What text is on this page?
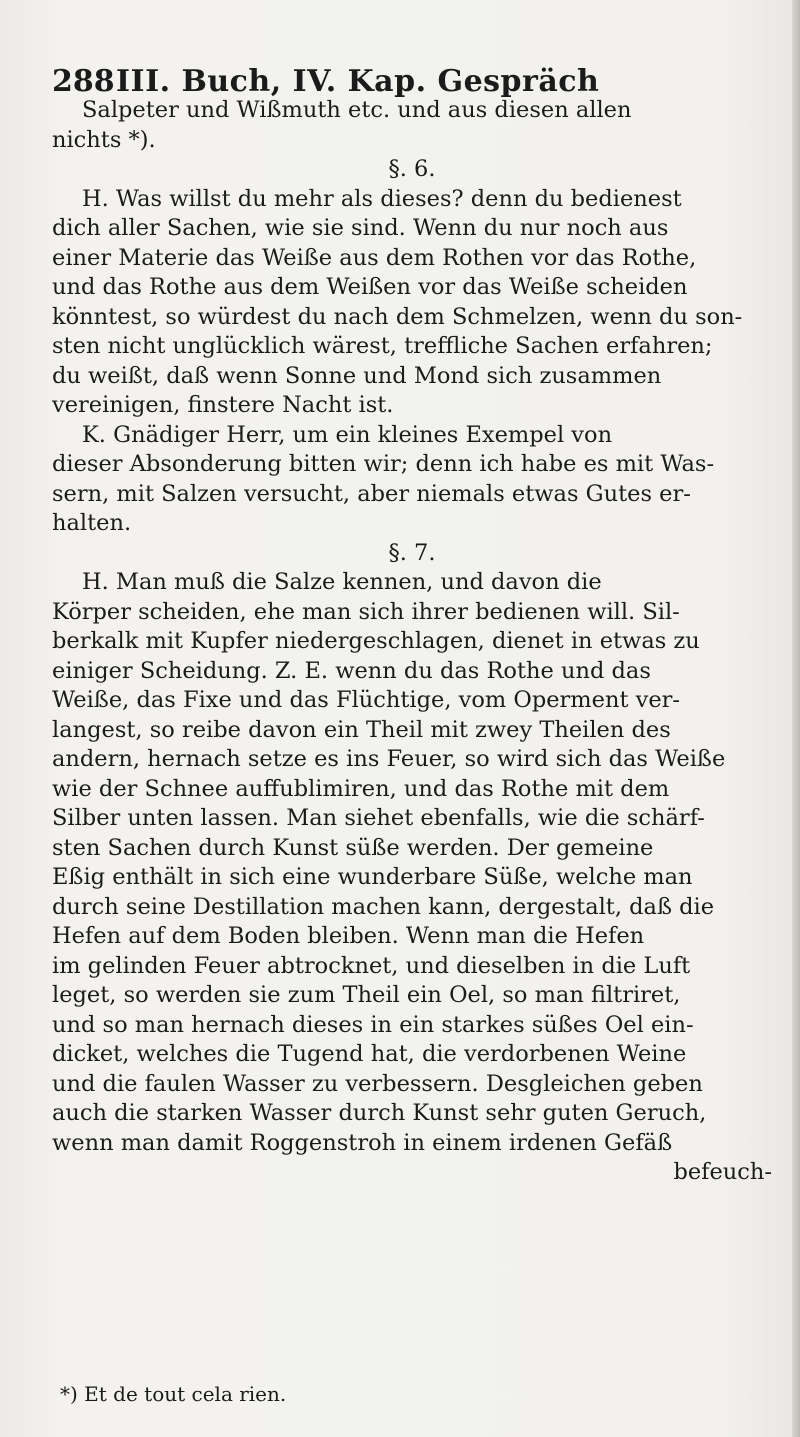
288 III. Buch, IV. Kap. Gespräch
Salpeter und Wißmuth etc. und aus diesen allen
nichts *).
§. 6.
H. Was willst du mehr als dieses? denn du bedienest
dich aller Sachen, wie sie sind. Wenn du nur noch aus
einer Materie das Weiße aus dem Rothen vor das Rothe,
und das Rothe aus dem Weißen vor das Weiße scheiden
könntest, so würdest du nach dem Schmelzen, wenn du son-
sten nicht unglücklich wärest, treffliche Sachen erfahren;
du weißt, daß wenn Sonne und Mond sich zusammen
vereinigen, finstere Nacht ist.
K. Gnädiger Herr, um ein kleines Exempel von
dieser Absonderung bitten wir; denn ich habe es mit Was-
sern, mit Salzen versucht, aber niemals etwas Gutes er-
halten.
§. 7.
H. Man muß die Salze kennen, und davon die
Körper scheiden, ehe man sich ihrer bedienen will. Sil-
berkalk mit Kupfer niedergeschlagen, dienet in etwas zu
einiger Scheidung. Z. E. wenn du das Rothe und das
Weiße, das Fixe und das Flüchtige, vom Operment ver-
langest, so reibe davon ein Theil mit zwey Theilen des
andern, hernach setze es ins Feuer, so wird sich das Weiße
wie der Schnee auffublimiren, und das Rothe mit dem
Silber unten lassen. Man siehet ebenfalls, wie die schärf-
sten Sachen durch Kunst süße werden. Der gemeine
Eßig enthält in sich eine wunderbare Süße, welche man
durch seine Destillation machen kann, dergestalt, daß die
Hefen auf dem Boden bleiben. Wenn man die Hefen
im gelinden Feuer abtrocknet, und dieselben in die Luft
leget, so werden sie zum Theil ein Oel, so man filtriret,
und so man hernach dieses in ein starkes süßes Oel ein-
dicket, welches die Tugend hat, die verdorbenen Weine
und die faulen Wasser zu verbessern. Desgleichen geben
auch die starken Wasser durch Kunst sehr guten Geruch,
wenn man damit Roggenstroh in einem irdenen Gefäß
befeuch-
*) Et de tout cela rien.
